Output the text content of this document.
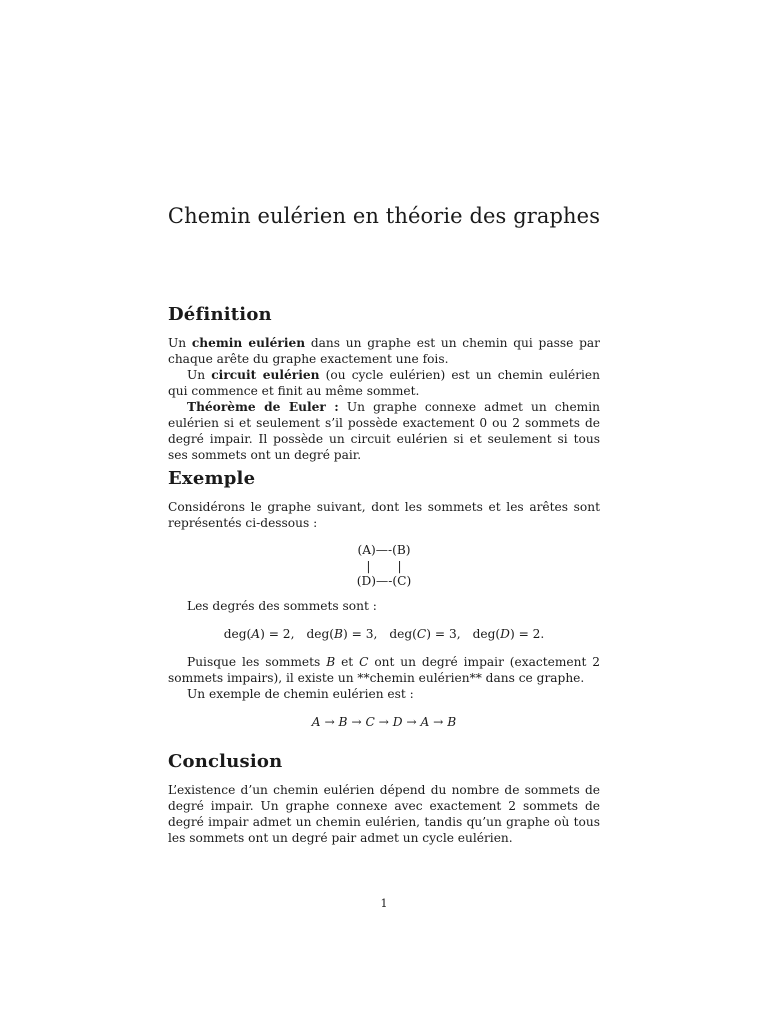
Chemin eulérien en théorie des graphes
Définition

Un chemin eulérien dans un graphe est un chemin qui passe par chaque arête du graphe exactement une fois.

Un circuit eulérien (ou cycle eulérien) est un chemin eulérien qui commence et finit au même sommet.

Théorème de Euler : Un graphe connexe admet un chemin eulérien si et seulement s’il possède exactement 0 ou 2 sommets de degré impair. Il possède un circuit eulérien si et seulement si tous ses sommets ont un degré pair.

Exemple

Considérons le graphe suivant, dont les sommets et les arêtes sont représentés ci-dessous :

(A)—-(B)
|       |
(D)—-(C)

Les degrés des sommets sont :

deg(A) = 2, deg(B) = 3, deg(C) = 3, deg(D) = 2.

Puisque les sommets B et C ont un degré impair (exactement 2 sommets impairs), il existe un **chemin eulérien** dans ce graphe.

Un exemple de chemin eulérien est :

A → B → C → D → A → B
Conclusion

L’existence d’un chemin eulérien dépend du nombre de sommets de degré impair. Un graphe connexe avec exactement 2 sommets de degré impair admet un chemin eulérien, tandis qu’un graphe où tous les sommets ont un degré pair admet un cycle eulérien.

1
